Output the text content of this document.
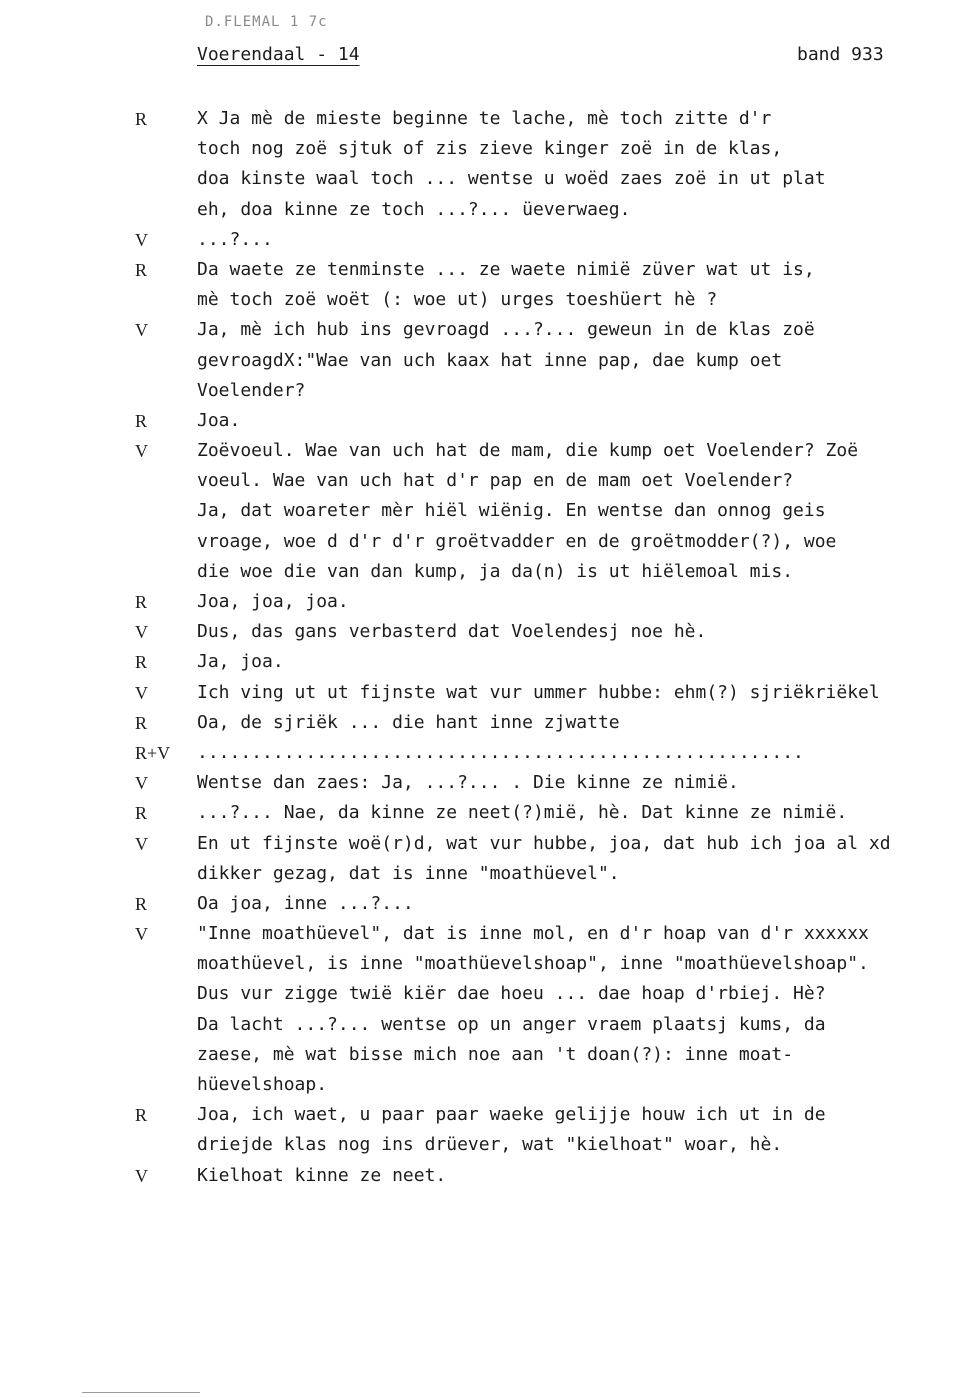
D.FLEMAL 1 7c
Voerendaal - 14	band 933
R	X Ja mè de mieste beginne te lache, mè toch zitte d'r
toch nog zoë sjtuk of zis zieve kinger zoë in de klas,
doa kinste waal toch ... wentse u woëd zaes zoë in ut plat
eh, doa kinne ze toch ...?... üeverwaeg.
V	...?...
R	Da waete ze tenminste ... ze waete nimië züver wat ut is,
mè toch zoë woët (: woe ut) urges toeshüert hè ?
V	Ja, mè ich hub ins gevroagd ...?... geweun in de klas zoë
gevroagdX:"Wae van uch kaax hat inne pap, dae kump oet
Voelender?
R	Joa.
V	Zoëvoeul. Wae van uch hat de mam, die kump oet Voelender? Zoë
voeul. Wae van uch hat d'r pap en de mam oet Voelender?
Ja, dat woareter mèr hiël wiënig. En wentse dan onnog geis
vroage, woe d d'r d'r groëtvadder en de groëtmodder(?), woe
die woe die van dan kump, ja da(n) is ut hiëlemoal mis.
R	Joa, joa, joa.
V	Dus, das gans verbasterd dat Voelendesj noe hè.
R	Ja, joa.
V	Ich ving ut ut fijnste wat vur ummer hubbe: ehm(?) sjriëkriëkel
R	Oa, de sjriëk ... die hant inne zjwatte
R+V ........................................................
V	Wentse dan zaes: Ja, ...?... . Die kinne ze nimië.
R	...?... Nae, da kinne ze neet(?)mië, hè. Dat kinne ze nimië.
V	En ut fijnste woë(r)d, wat vur hubbe, joa, dat hub ich joa al xd
dikker gezag, dat is inne "moathüevel".
R	Oa joa, inne ...?...
V	"Inne moathüevel", dat is inne mol, en d'r hoap van d'r xxxxxx
moathüevel, is inne "moathüevelshoap", inne "moathüevelshoap".
Dus vur zigge twië kiër dae hoeu ... dae hoap d'rbiej. Hè?
Da lacht ...?... wentse op un anger vraem plaatsj kums, da
zaese, mè wat bisse mich noe aan 't doan(?): inne moat-
hüevelshoap.
R	Joa, ich waet, u paar paar waeke gelijje houw ich ut in de
driejde klas nog ins drüever, wat "kielhoat" woar, hè.
V	Kielhoat kinne ze neet.
